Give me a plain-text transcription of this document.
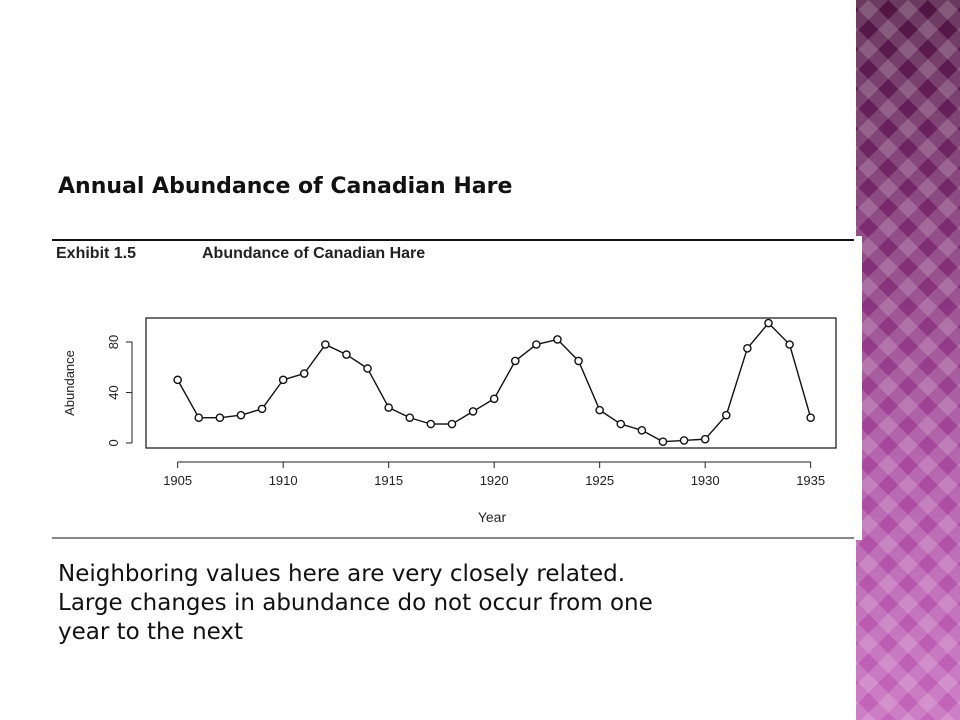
Annual Abundance of Canadian Hare
Exhibit 1.5	Abundance of Canadian Hare
1905	1910	1915	1920	1925	1930	1935
0
40
80
Abundance
Year

Neighboring values here are very closely related.

Large changes in abundance do not occur from one

year to the next
